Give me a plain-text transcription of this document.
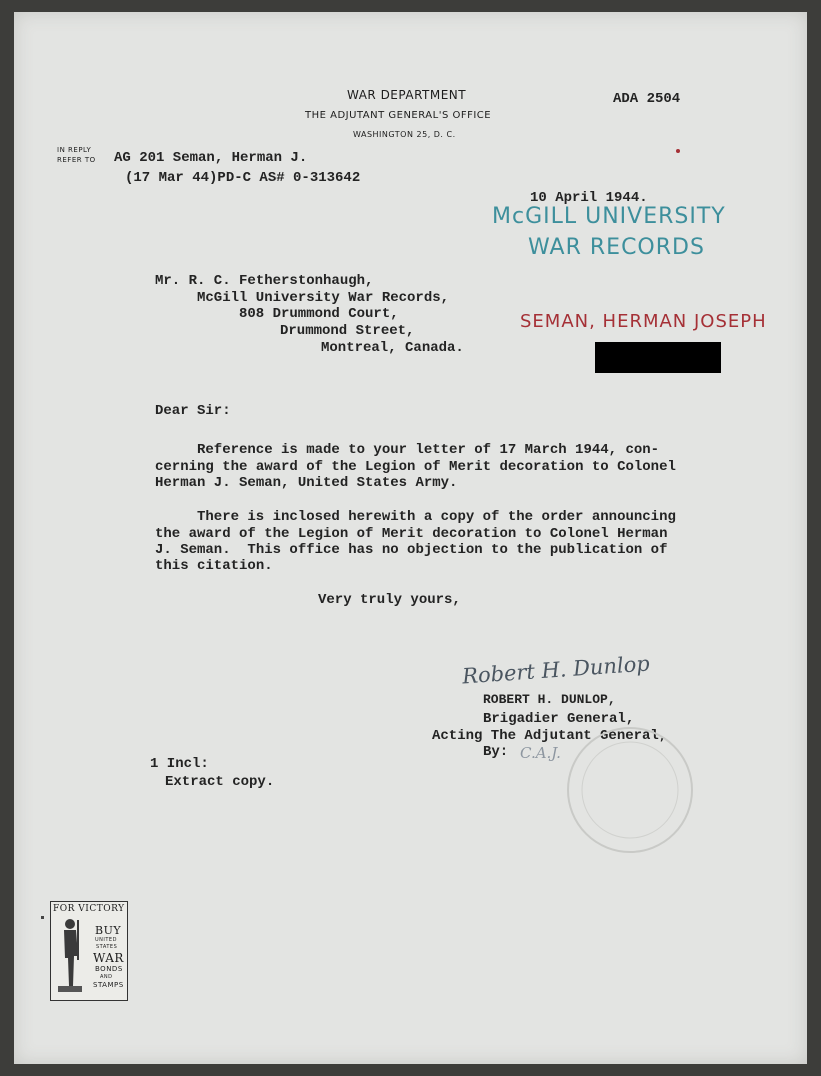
WAR DEPARTMENT
THE ADJUTANT GENERAL'S OFFICE
WASHINGTON 25, D. C.
ADA 2504
IN REPLY
REFER TO AG 201 Seman, Herman J.
(17 Mar 44)PD-C AS# 0-313642
10 April 1944.
McGILL UNIVERSITY
WAR RECORDS
SEMAN, HERMAN JOSEPH
Mr. R. C. Fetherstonhaugh,
McGill University War Records,
808 Drummond Court,
Drummond Street,
Montreal, Canada.
Dear Sir:
Reference is made to your letter of 17 March 1944, con-
cerning the award of the Legion of Merit decoration to Colonel
Herman J. Seman, United States Army.
There is inclosed herewith a copy of the order announcing
the award of the Legion of Merit decoration to Colonel Herman
J. Seman.  This office has no objection to the publication of
this citation.
Very truly yours,
Robert H. Dunlop
ROBERT H. DUNLOP,
Brigadier General,
Acting The Adjutant General,
By: C.A.J.
1 Incl:
Extract copy.
FOR VICTORY
BUY
UNITED
STATES
WAR
BONDS
AND
STAMPS
